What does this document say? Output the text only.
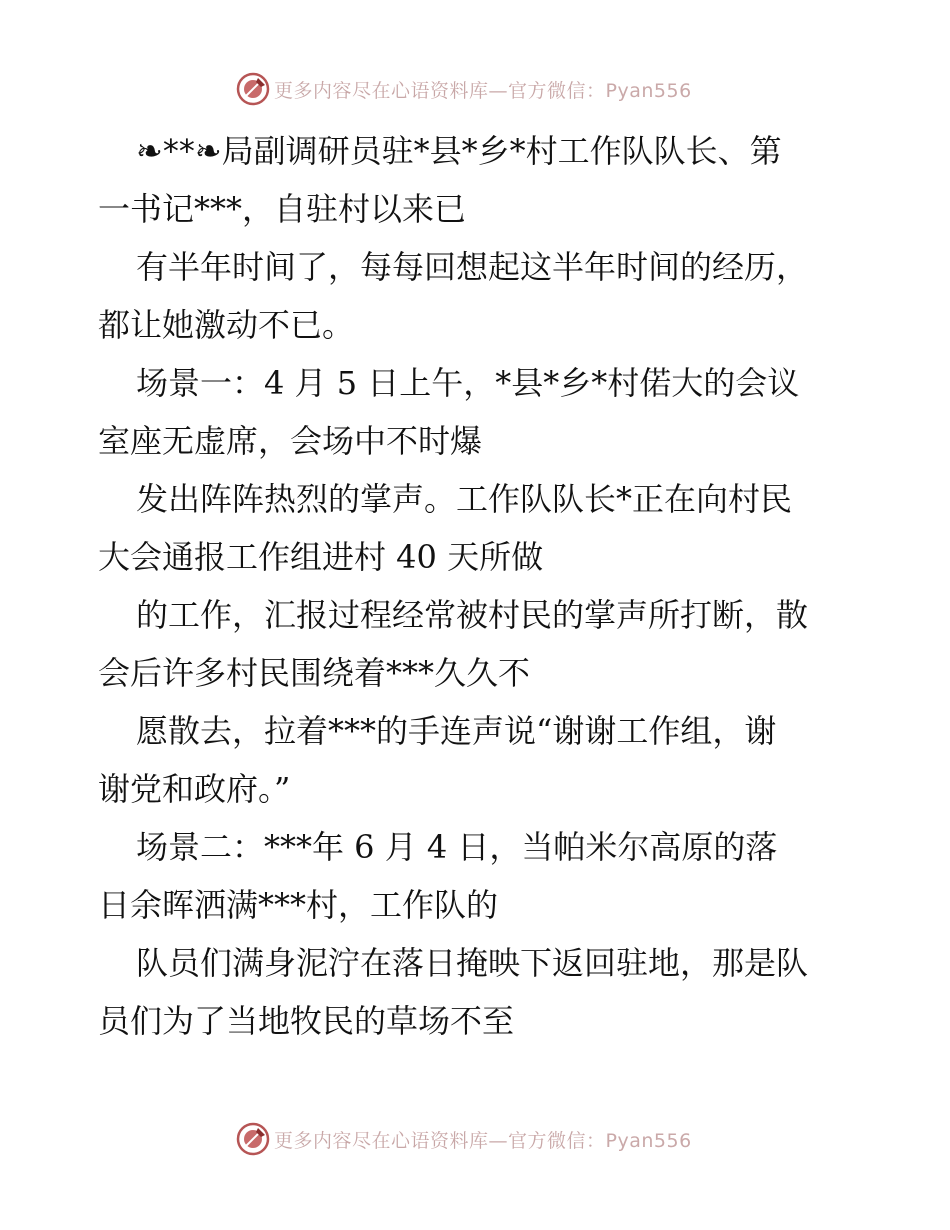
更多内容尽在心语资料库—官方微信：Pyan556

❧**❧局副调研员驻*县*乡*村工作队队长、第

一书记***，自驻村以来已

有半年时间了，每每回想起这半年时间的经历，

都让她激动不已。

场景一：4 月 5 日上午，*县*乡*村偌大的会议

室座无虚席，会场中不时爆

发出阵阵热烈的掌声。工作队队长*正在向村民

大会通报工作组进村 40 天所做

的工作，汇报过程经常被村民的掌声所打断，散

会后许多村民围绕着***久久不

愿散去，拉着***的手连声说“谢谢工作组，谢

谢党和政府。”

场景二：***年 6 月 4 日，当帕米尔高原的落

日余晖洒满***村，工作队的

队员们满身泥泞在落日掩映下返回驻地，那是队

员们为了当地牧民的草场不至

更多内容尽在心语资料库—官方微信：Pyan556
